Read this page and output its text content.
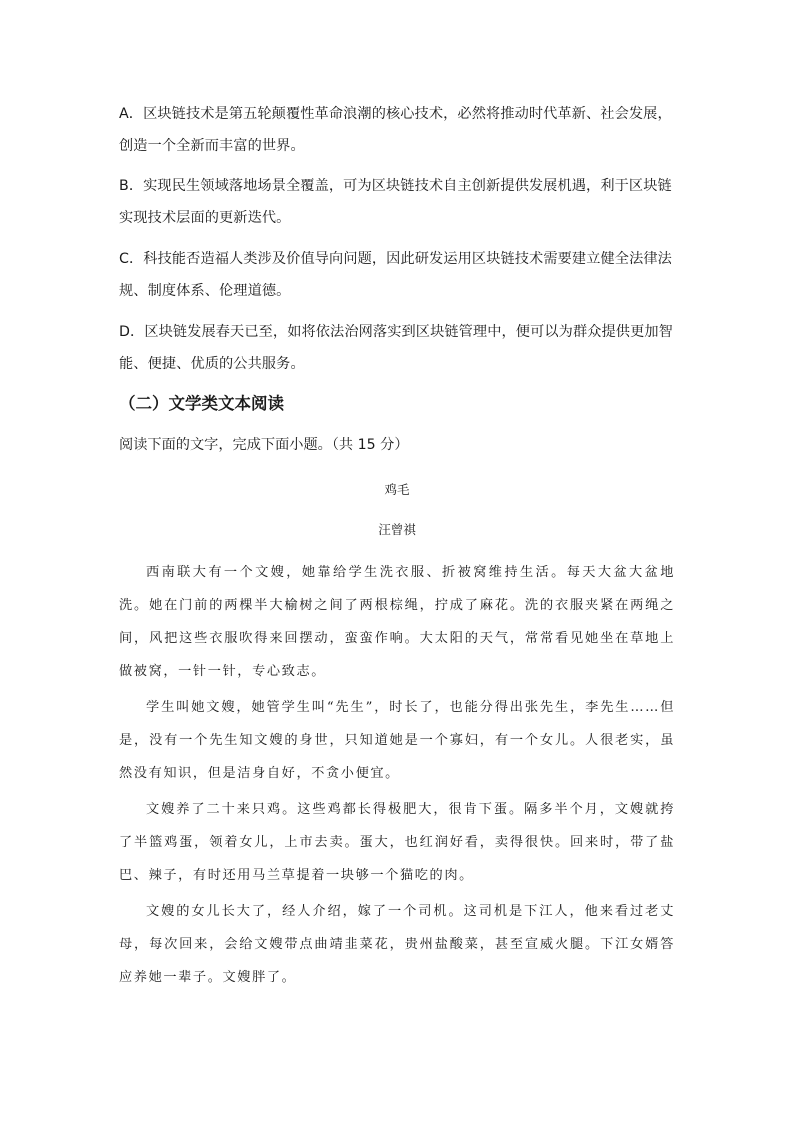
A．区块链技术是第五轮颠覆性革命浪潮的核心技术，必然将推动时代革新、社会发展，创造一个全新而丰富的世界。
B．实现民生领域落地场景全覆盖，可为区块链技术自主创新提供发展机遇，利于区块链实现技术层面的更新迭代。
C．科技能否造福人类涉及价值导向问题，因此研发运用区块链技术需要建立健全法律法规、制度体系、伦理道德。
D．区块链发展春天已至，如将依法治网落实到区块链管理中，便可以为群众提供更加智能、便捷、优质的公共服务。
（二）文学类文本阅读
阅读下面的文字，完成下面小题。（共 15 分）
鸡毛
汪曾祺
西南联大有一个文嫂，她靠给学生洗衣服、折被窝维持生活。每天大盆大盆地洗。她在门前的两棵半大榆树之间了两根棕绳，拧成了麻花。洗的衣服夹紧在两绳之间，风把这些衣服吹得来回摆动，蛮蛮作响。大太阳的天气，常常看见她坐在草地上做被窝，一针一针，专心致志。
学生叫她文嫂，她管学生叫“先生”，时长了，也能分得出张先生，李先生……但是，没有一个先生知文嫂的身世，只知道她是一个寡妇，有一个女儿。人很老实，虽然没有知识，但是洁身自好，不贪小便宜。
文嫂养了二十来只鸡。这些鸡都长得极肥大，很肯下蛋。隔多半个月，文嫂就挎了半篮鸡蛋，领着女儿，上市去卖。蛋大，也红润好看，卖得很快。回来时，带了盐巴、辣子，有时还用马兰草提着一块够一个猫吃的肉。
文嫂的女儿长大了，经人介绍，嫁了一个司机。这司机是下江人，他来看过老丈母，每次回来，会给文嫂带点曲靖韭菜花，贵州盐酸菜，甚至宣威火腿。下江女婿答应养她一辈子。文嫂胖了。
